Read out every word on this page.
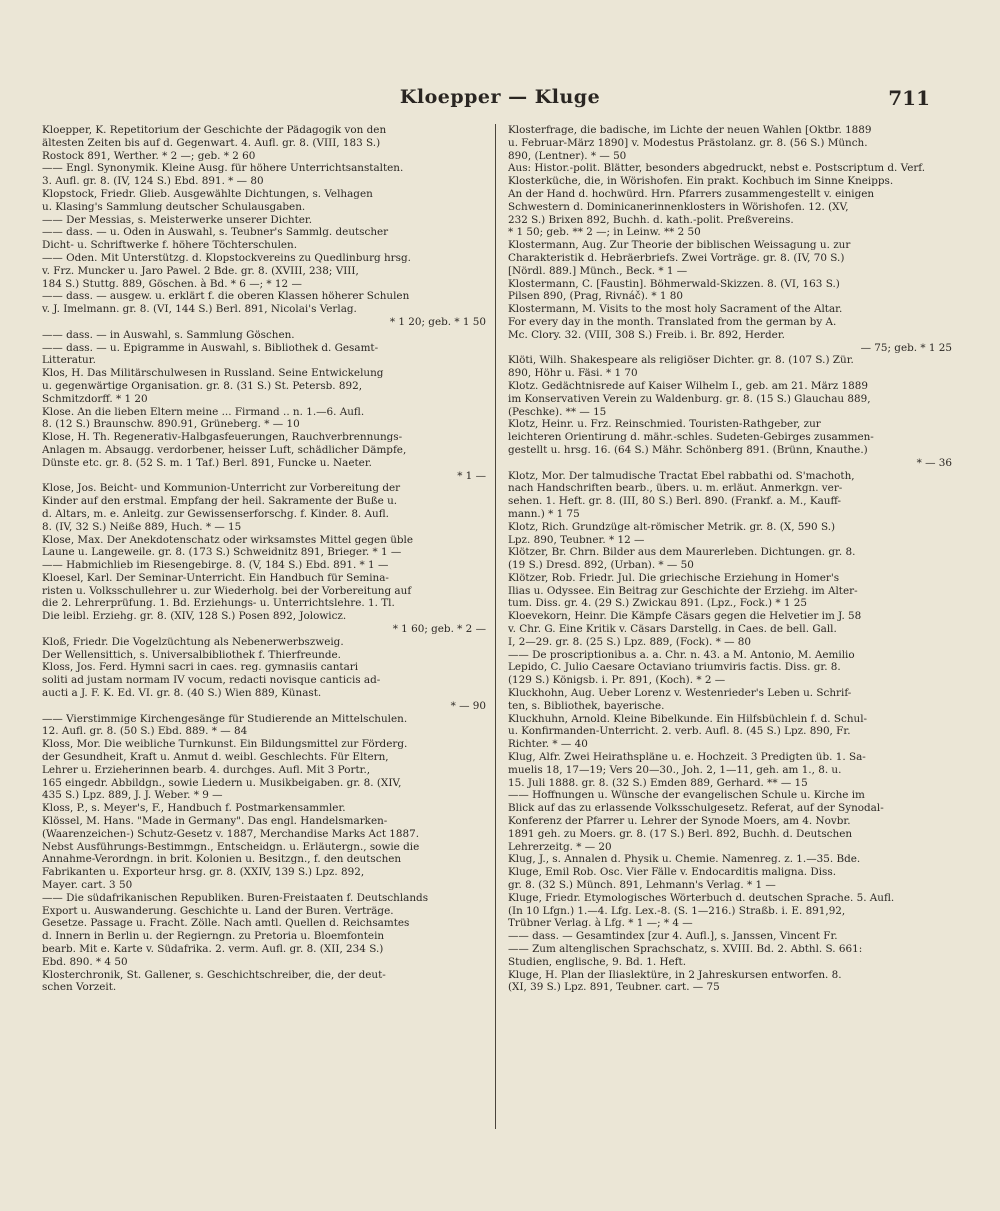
Kloepper — Kluge	711
Kloepper, K. Repetitorium der Geschichte der Pädagogik von den
ältesten Zeiten bis auf d. Gegenwart. 4. Aufl. gr. 8. (VIII, 183 S.)
Rostock 891, Werther. * 2 —; geb. * 2 60
—— Engl. Synonymik. Kleine Ausg. für höhere Unterrichtsanstalten.
3. Aufl. gr. 8. (IV, 124 S.) Ebd. 891. * — 80
Klopstock, Friedr. Glieb. Ausgewählte Dichtungen, s. Velhagen
u. Klasing's Sammlung deutscher Schulausgaben.
—— Der Messias, s. Meisterwerke unserer Dichter.
—— dass. — u. Oden in Auswahl, s. Teubner's Sammlg. deutscher
Dicht- u. Schriftwerke f. höhere Töchterschulen.
—— Oden. Mit Unterstützg. d. Klopstockvereins zu Quedlinburg hrsg.
v. Frz. Muncker u. Jaro Pawel. 2 Bde. gr. 8. (XVIII, 238; VIII,
184 S.) Stuttg. 889, Göschen. à Bd. * 6 —; * 12 —
—— dass. — ausgew. u. erklärt f. die oberen Klassen höherer Schulen
v. J. Imelmann. gr. 8. (VI, 144 S.) Berl. 891, Nicolai's Verlag.
* 1 20; geb. * 1 50
—— dass. — in Auswahl, s. Sammlung Göschen.
—— dass. — u. Epigramme in Auswahl, s. Bibliothek d. Gesamt-
Litteratur.
Klos, H. Das Militärschulwesen in Russland. Seine Entwickelung
u. gegenwärtige Organisation. gr. 8. (31 S.) St. Petersb. 892,
Schmitzdorff. * 1 20
Klose. An die lieben Eltern meine ... Firmand .. n. 1.—6. Aufl.
8. (12 S.) Braunschw. 890.91, Grüneberg. * — 10
Klose, H. Th. Regenerativ-Halbgasfeuerungen, Rauchverbrennungs-
Anlagen m. Absaugg. verdorbener, heisser Luft, schädlicher Dämpfe,
Dünste etc. gr. 8. (52 S. m. 1 Taf.) Berl. 891, Funcke u. Naeter.
* 1 —
Klose, Jos. Beicht- und Kommunion-Unterricht zur Vorbereitung der
Kinder auf den erstmal. Empfang der heil. Sakramente der Buße u.
d. Altars, m. e. Anleitg. zur Gewissenserforschg. f. Kinder. 8. Aufl.
8. (IV, 32 S.) Neiße 889, Huch. * — 15
Klose, Max. Der Anekdotenschatz oder wirksamstes Mittel gegen üble
Laune u. Langeweile. gr. 8. (173 S.) Schweidnitz 891, Brieger. * 1 —
—— Habmichlieb im Riesengebirge. 8. (V, 184 S.) Ebd. 891. * 1 —
Kloesel, Karl. Der Seminar-Unterricht. Ein Handbuch für Semina-
risten u. Volksschullehrer u. zur Wiederholg. bei der Vorbereitung auf
die 2. Lehrerprüfung. 1. Bd. Erziehungs- u. Unterrichtslehre. 1. Tl.
Die leibl. Erziehg. gr. 8. (XIV, 128 S.) Posen 892, Jolowicz.
* 1 60; geb. * 2 —
Kloß, Friedr. Die Vogelzüchtung als Nebenerwerbszweig.
Der Wellensittich, s. Universalbibliothek f. Thierfreunde.
Kloss, Jos. Ferd. Hymni sacri in caes. reg. gymnasiis cantari
soliti ad justam normam IV vocum, redacti novisque canticis ad-
aucti a J. F. K. Ed. VI. gr. 8. (40 S.) Wien 889, Künast.
* — 90
—— Vierstimmige Kirchengesänge für Studierende an Mittelschulen.
12. Aufl. gr. 8. (50 S.) Ebd. 889. * — 84
Kloss, Mor. Die weibliche Turnkunst. Ein Bildungsmittel zur Förderg.
der Gesundheit, Kraft u. Anmut d. weibl. Geschlechts. Für Eltern,
Lehrer u. Erzieherinnen bearb. 4. durchges. Aufl. Mit 3 Portr.,
165 eingedr. Abbildgn., sowie Liedern u. Musikbeigaben. gr. 8. (XIV,
435 S.) Lpz. 889, J. J. Weber. * 9 —
Kloss, P., s. Meyer's, F., Handbuch f. Postmarkensammler.
Klössel, M. Hans. "Made in Germany". Das engl. Handelsmarken-
(Waarenzeichen-) Schutz-Gesetz v. 1887, Merchandise Marks Act 1887.
Nebst Ausführungs-Bestimmgn., Entscheidgn. u. Erläutergn., sowie die
Annahme-Verordngn. in brit. Kolonien u. Besitzgn., f. den deutschen
Fabrikanten u. Exporteur hrsg. gr. 8. (XXIV, 139 S.) Lpz. 892,
Mayer. cart. 3 50
—— Die südafrikanischen Republiken. Buren-Freistaaten f. Deutschlands
Export u. Auswanderung. Geschichte u. Land der Buren. Verträge.
Gesetze. Passage u. Fracht. Zölle. Nach amtl. Quellen d. Reichsamtes
d. Innern in Berlin u. der Regierngn. zu Pretoria u. Bloemfontein
bearb. Mit e. Karte v. Südafrika. 2. verm. Aufl. gr. 8. (XII, 234 S.)
Ebd. 890. * 4 50
Klosterchronik, St. Gallener, s. Geschichtschreiber, die, der deut-
schen Vorzeit.
Klosterfrage, die badische, im Lichte der neuen Wahlen [Oktbr. 1889
u. Februar-März 1890] v. Modestus Prästolanz. gr. 8. (56 S.) Münch.
890, (Lentner). * — 50
Aus: Histor.-polit. Blätter, besonders abgedruckt, nebst e. Postscriptum d. Verf.
Klosterküche, die, in Wörishofen. Ein prakt. Kochbuch im Sinne Kneipps.
An der Hand d. hochwürd. Hrn. Pfarrers zusammengestellt v. einigen
Schwestern d. Dominicanerinnenklosters in Wörishofen. 12. (XV,
232 S.) Brixen 892, Buchh. d. kath.-polit. Preßvereins.
* 1 50; geb. ** 2 —; in Leinw. ** 2 50
Klostermann, Aug. Zur Theorie der biblischen Weissagung u. zur
Charakteristik d. Hebräerbriefs. Zwei Vorträge. gr. 8. (IV, 70 S.)
[Nördl. 889.] Münch., Beck. * 1 —
Klostermann, C. [Faustin]. Böhmerwald-Skizzen. 8. (VI, 163 S.)
Pilsen 890, (Prag, Rivnáč). * 1 80
Klostermann, M. Visits to the most holy Sacrament of the Altar.
For every day in the month. Translated from the german by A.
Mc. Clory. 32. (VIII, 308 S.) Freib. i. Br. 892, Herder.
— 75; geb. * 1 25
Klöti, Wilh. Shakespeare als religiöser Dichter. gr. 8. (107 S.) Zür.
890, Höhr u. Fäsi. * 1 70
Klotz. Gedächtnisrede auf Kaiser Wilhelm I., geb. am 21. März 1889
im Konservativen Verein zu Waldenburg. gr. 8. (15 S.) Glauchau 889,
(Peschke). ** — 15
Klotz, Heinr. u. Frz. Reinschmied. Touristen-Rathgeber, zur
leichteren Orientirung d. mähr.-schles. Sudeten-Gebirges zusammen-
gestellt u. hrsg. 16. (64 S.) Mähr. Schönberg 891. (Brünn, Knauthe.)
* — 36
Klotz, Mor. Der talmudische Tractat Ebel rabbathi od. S'machoth,
nach Handschriften bearb., übers. u. m. erläut. Anmerkgn. ver-
sehen. 1. Heft. gr. 8. (III, 80 S.) Berl. 890. (Frankf. a. M., Kauff-
mann.) * 1 75
Klotz, Rich. Grundzüge alt-römischer Metrik. gr. 8. (X, 590 S.)
Lpz. 890, Teubner. * 12 —
Klötzer, Br. Chrn. Bilder aus dem Maurerleben. Dichtungen. gr. 8.
(19 S.) Dresd. 892, (Urban). * — 50
Klötzer, Rob. Friedr. Jul. Die griechische Erziehung in Homer's
Ilias u. Odyssee. Ein Beitrag zur Geschichte der Erziehg. im Alter-
tum. Diss. gr. 4. (29 S.) Zwickau 891. (Lpz., Fock.) * 1 25
Kloevekorn, Heinr. Die Kämpfe Cäsars gegen die Helvetier im J. 58
v. Chr. G. Eine Kritik v. Cäsars Darstellg. in Caes. de bell. Gall.
I, 2—29. gr. 8. (25 S.) Lpz. 889, (Fock). * — 80
—— De proscriptionibus a. a. Chr. n. 43. a M. Antonio, M. Aemilio
Lepido, C. Julio Caesare Octaviano triumviris factis. Diss. gr. 8.
(129 S.) Königsb. i. Pr. 891, (Koch). * 2 —
Kluckhohn, Aug. Ueber Lorenz v. Westenrieder's Leben u. Schrif-
ten, s. Bibliothek, bayerische.
Kluckhuhn, Arnold. Kleine Bibelkunde. Ein Hilfsbüchlein f. d. Schul-
u. Konfirmanden-Unterricht. 2. verb. Aufl. 8. (45 S.) Lpz. 890, Fr.
Richter. * — 40
Klug, Alfr. Zwei Heirathspläne u. e. Hochzeit. 3 Predigten üb. 1. Sa-
muelis 18, 17—19; Vers 20—30., Joh. 2, 1—11, geh. am 1., 8. u.
15. Juli 1888. gr. 8. (32 S.) Emden 889, Gerhard. ** — 15
—— Hoffnungen u. Wünsche der evangelischen Schule u. Kirche im
Blick auf das zu erlassende Volksschulgesetz. Referat, auf der Synodal-
Konferenz der Pfarrer u. Lehrer der Synode Moers, am 4. Novbr.
1891 geh. zu Moers. gr. 8. (17 S.) Berl. 892, Buchh. d. Deutschen
Lehrerzeitg. * — 20
Klug, J., s. Annalen d. Physik u. Chemie. Namenreg. z. 1.—35. Bde.
Kluge, Emil Rob. Osc. Vier Fälle v. Endocarditis maligna. Diss.
gr. 8. (32 S.) Münch. 891, Lehmann's Verlag. * 1 —
Kluge, Friedr. Etymologisches Wörterbuch d. deutschen Sprache. 5. Aufl.
(In 10 Lfgn.) 1.—4. Lfg. Lex.-8. (S. 1—216.) Straßb. i. E. 891,92,
Trübner Verlag. à Lfg. * 1 —; * 4 —
—— dass. — Gesamtindex [zur 4. Aufl.], s. Janssen, Vincent Fr.
—— Zum altenglischen Sprachschatz, s. XVIII. Bd. 2. Abthl. S. 661:
Studien, englische, 9. Bd. 1. Heft.
Kluge, H. Plan der Iliaslektüre, in 2 Jahreskursen entworfen. 8.
(XI, 39 S.) Lpz. 891, Teubner. cart. — 75
